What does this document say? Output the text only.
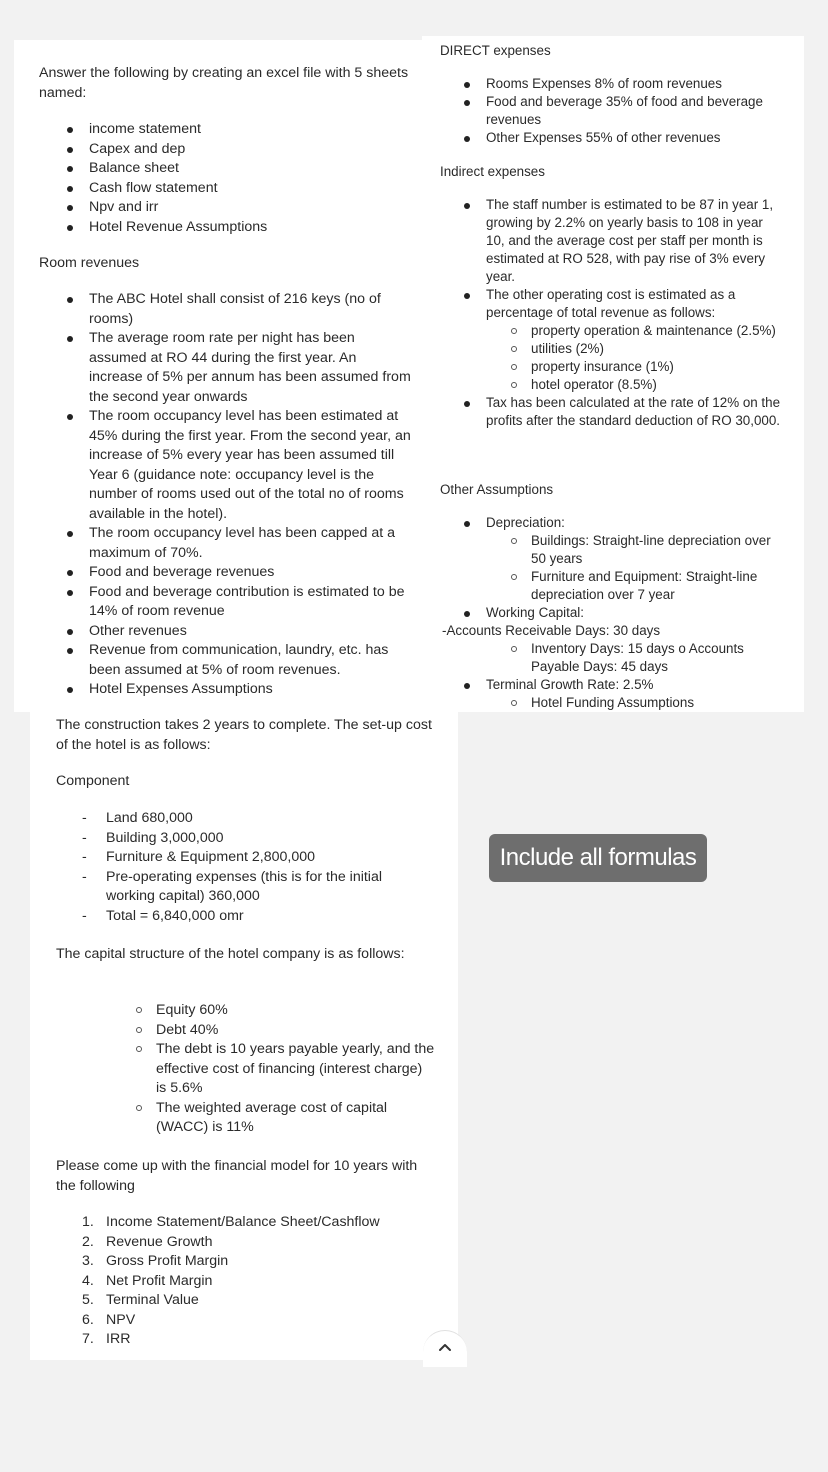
Answer the following by creating an excel file with 5 sheets named:

income statement
Capex and dep
Balance sheet
Cash flow statement
Npv and irr
Hotel Revenue Assumptions

Room revenues

The ABC Hotel shall consist of 216 keys (no of rooms)
The average room rate per night has been assumed at RO 44 during the first year. An increase of 5% per annum has been assumed from the second year onwards
The room occupancy level has been estimated at 45% during the first year. From the second year, an increase of 5% every year has been assumed till Year 6 (guidance note: occupancy level is the number of rooms used out of the total no of rooms available in the hotel).
The room occupancy level has been capped at a maximum of 70%.
Food and beverage revenues
Food and beverage contribution is estimated to be 14% of room revenue
Other revenues
Revenue from communication, laundry, etc. has been assumed at 5% of room revenues.
Hotel Expenses Assumptions

DIRECT expenses

Rooms Expenses 8% of room revenues
Food and beverage 35% of food and beverage revenues
Other Expenses 55% of other revenues

Indirect expenses

The staff number is estimated to be 87 in year 1, growing by 2.2% on yearly basis to 108 in year 10, and the average cost per staff per month is estimated at RO 528, with pay rise of 3% every year.
The other operating cost is estimated as a percentage of total revenue as follows:
property operation & maintenance (2.5%)
utilities (2%)
property insurance (1%)
hotel operator (8.5%)
Tax has been calculated at the rate of 12% on the profits after the standard deduction of RO 30,000.

Other Assumptions

Depreciation:
Buildings: Straight-line depreciation over 50 years
Furniture and Equipment: Straight-line depreciation over 7 year
Working Capital:
-Accounts Receivable Days: 30 days
Inventory Days: 15 days o Accounts Payable Days: 45 days
Terminal Growth Rate: 2.5%
Hotel Funding Assumptions

The construction takes 2 years to complete. The set-up cost of the hotel is as follows:

Component

- Land 680,000
- Building 3,000,000
- Furniture & Equipment 2,800,000
- Pre-operating expenses (this is for the initial working capital) 360,000
- Total = 6,840,000 omr

The capital structure of the hotel company is as follows:

Equity 60%
Debt 40%
The debt is 10 years payable yearly, and the effective cost of financing (interest charge) is 5.6%
The weighted average cost of capital (WACC) is 11%

Please come up with the financial model for 10 years with the following

1. Income Statement/Balance Sheet/Cashflow
2. Revenue Growth
3. Gross Profit Margin
4. Net Profit Margin
5. Terminal Value
6. NPV
7. IRR
Include all formulas
